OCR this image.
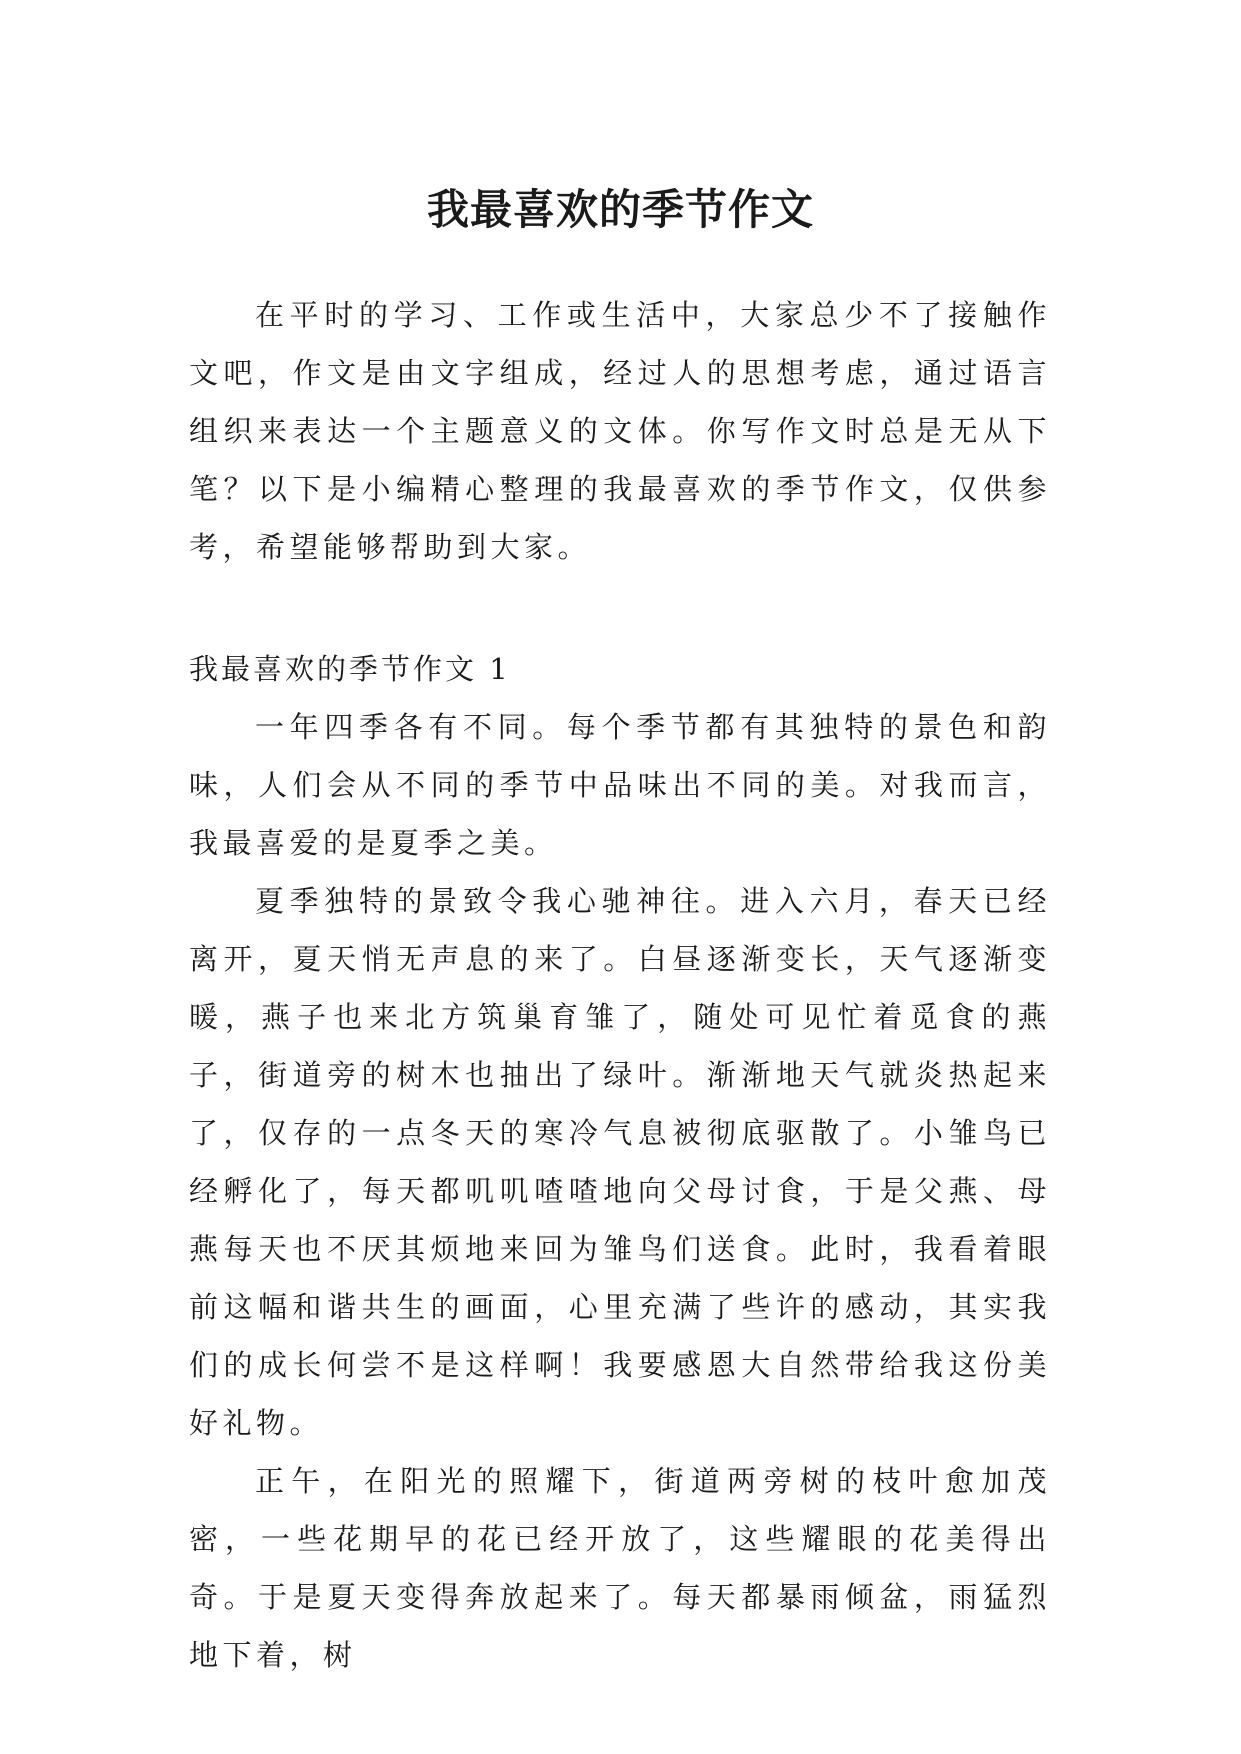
我最喜欢的季节作文

在平时的学习、工作或生活中，大家总少不了接触作文吧，作文是由文字组成，经过人的思想考虑，通过语言组织来表达一个主题意义的文体。你写作文时总是无从下笔？以下是小编精心整理的我最喜欢的季节作文，仅供参考，希望能够帮助到大家。

我最喜欢的季节作文 1

一年四季各有不同。每个季节都有其独特的景色和韵味，人们会从不同的季节中品味出不同的美。对我而言，我最喜爱的是夏季之美。

夏季独特的景致令我心驰神往。进入六月，春天已经离开，夏天悄无声息的来了。白昼逐渐变长，天气逐渐变暖，燕子也来北方筑巢育雏了，随处可见忙着觅食的燕子，街道旁的树木也抽出了绿叶。渐渐地天气就炎热起来了，仅存的一点冬天的寒冷气息被彻底驱散了。小雏鸟已经孵化了，每天都叽叽喳喳地向父母讨食，于是父燕、母燕每天也不厌其烦地来回为雏鸟们送食。此时，我看着眼前这幅和谐共生的画面，心里充满了些许的感动，其实我们的成长何尝不是这样啊！我要感恩大自然带给我这份美好礼物。

正午，在阳光的照耀下，街道两旁树的枝叶愈加茂密，一些花期早的花已经开放了，这些耀眼的花美得出奇。于是夏天变得奔放起来了。每天都暴雨倾盆，雨猛烈地下着，树
